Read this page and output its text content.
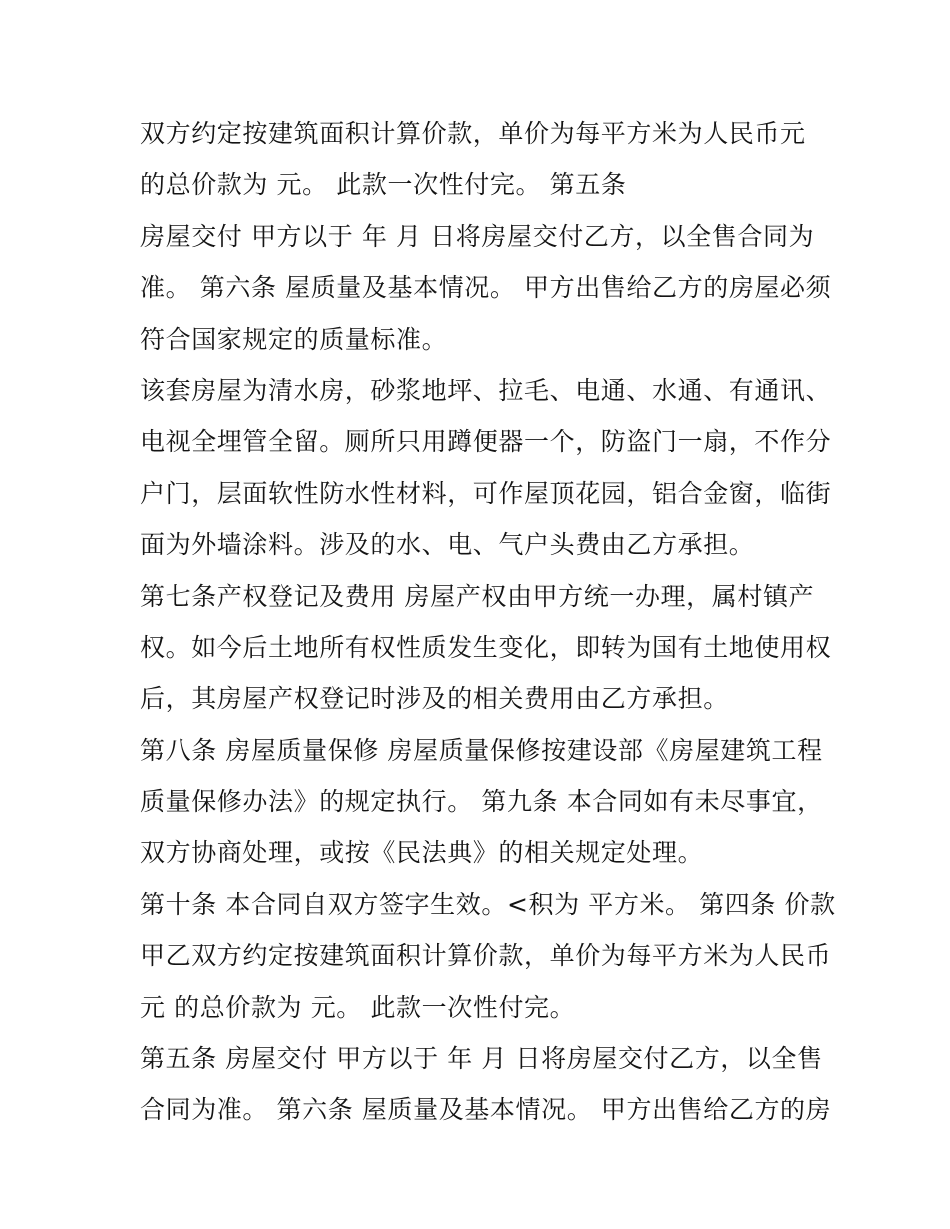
双方约定按建筑面积计算价款，单价为每平方米为人民币元
的总价款为 元。 此款一次性付完。 第五条
房屋交付 甲方以于 年 月 日将房屋交付乙方，以全售合同为
准。 第六条 屋质量及基本情况。 甲方出售给乙方的房屋必须
符合国家规定的质量标准。
该套房屋为清水房，砂浆地坪、拉毛、电通、水通、有通讯、
电视全埋管全留。厕所只用蹲便器一个，防盗门一扇，不作分
户门，层面软性防水性材料，可作屋顶花园，铝合金窗，临街
面为外墙涂料。涉及的水、电、气户头费由乙方承担。
第七条产权登记及费用 房屋产权由甲方统一办理，属村镇产
权。如今后土地所有权性质发生变化，即转为国有土地使用权
后，其房屋产权登记时涉及的相关费用由乙方承担。
第八条 房屋质量保修 房屋质量保修按建设部《房屋建筑工程
质量保修办法》的规定执行。 第九条 本合同如有未尽事宜，
双方协商处理，或按《民法典》的相关规定处理。
第十条 本合同自双方签字生效。<积为 平方米。 第四条 价款
甲乙双方约定按建筑面积计算价款，单价为每平方米为人民币
元 的总价款为 元。 此款一次性付完。
第五条 房屋交付 甲方以于 年 月 日将房屋交付乙方，以全售
合同为准。 第六条 屋质量及基本情况。 甲方出售给乙方的房
